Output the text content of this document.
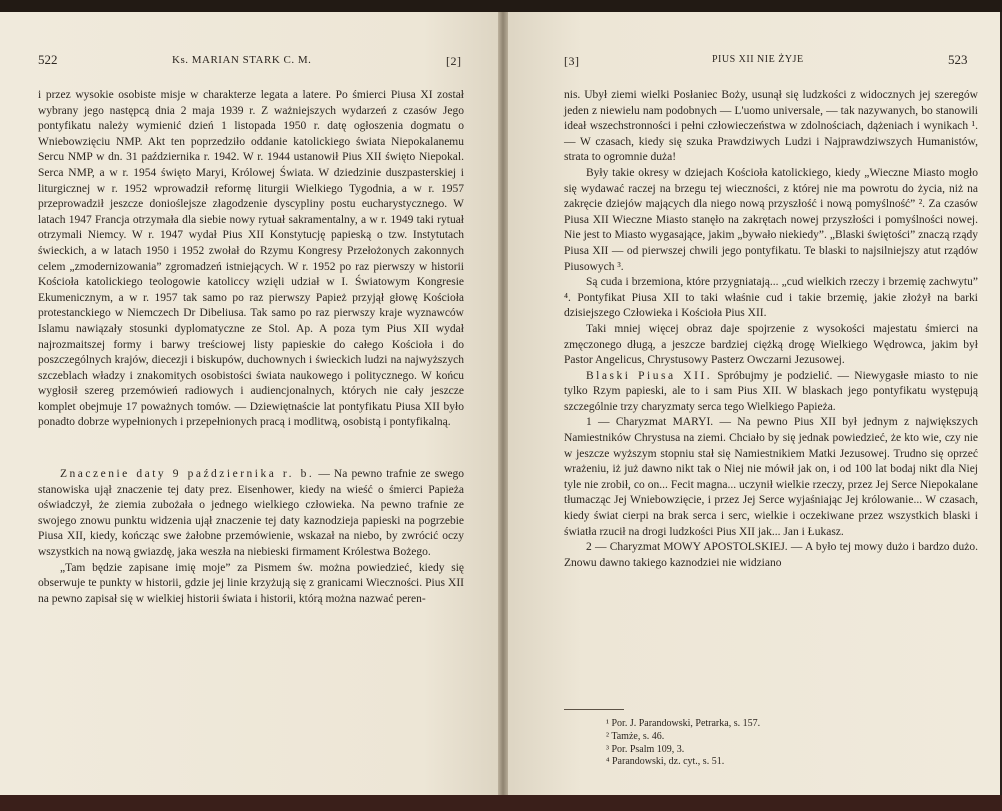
522	Ks. MARIAN STARK C. M.	[2]

i przez wysokie osobiste misje w charakterze legata a latere. Po śmierci Piusa XI został wybrany jego następcą dnia 2 maja 1939 r. Z ważniejszych wydarzeń z czasów Jego pontyfikatu należy wymienić dzień 1 listopada 1950 r. datę ogłoszenia dogmatu o Wniebowzięciu NMP. Akt ten poprzedziło oddanie katolickiego świata Niepokalanemu Sercu NMP w dn. 31 października r. 1942. W r. 1944 ustanowił Pius XII święto Niepokal. Serca NMP, a w r. 1954 święto Maryi, Królowej Świata. W dziedzinie duszpasterskiej i liturgicznej w r. 1952 wprowadził reformę liturgii Wielkiego Tygodnia, a w r. 1957 przeprowadził jeszcze donioślejsze złagodzenie dyscypliny postu eucharystycznego. W latach 1947 Francja otrzymała dla siebie nowy rytuał sakramentalny, a w r. 1949 taki rytuał otrzymali Niemcy. W r. 1947 wydał Pius XII Konstytucję papieską o tzw. Instytutach świeckich, a w latach 1950 i 1952 zwołał do Rzymu Kongresy Przełożonych zakonnych celem „zmodernizowania” zgromadzeń istniejących. W r. 1952 po raz pierwszy w historii Kościoła katolickiego teologowie katoliccy wzięli udział w I. Światowym Kongresie Ekumenicznym, a w r. 1957 tak samo po raz pierwszy Papież przyjął głowę Kościoła protestanckiego w Niemczech Dr Dibeliusa. Tak samo po raz pierwszy kraje wyznawców Islamu nawiązały stosunki dyplomatyczne ze Stol. Ap. A poza tym Pius XII wydał najrozmaitszej formy i barwy treściowej listy papieskie do całego Kościoła i do poszczególnych krajów, diecezji i biskupów, duchownych i świeckich ludzi na najwyższych szczeblach władzy i znakomitych osobistości świata naukowego i politycznego. W końcu wygłosił szereg przemówień radiowych i audiencjonalnych, których nie cały jeszcze komplet obejmuje 17 poważnych tomów. — Dziewiętnaście lat pontyfikatu Piusa XII było ponadto dobrze wypełnionych i przepełnionych pracą i modlitwą, osobistą i pontyfikalną.

Znaczenie daty 9 października r. b. — Na pewno trafnie ze swego stanowiska ujął znaczenie tej daty prez. Eisenhower, kiedy na wieść o śmierci Papieża oświadczył, że ziemia zubożała o jednego wielkiego człowieka. Na pewno trafnie ze swojego znowu punktu widzenia ujął znaczenie tej daty kaznodzieja papieski na pogrzebie Piusa XII, kiedy, kończąc swe żałobne przemówienie, wskazał na niebo, by zwrócić oczy wszystkich na nową gwiazdę, jaka weszła na niebieski firmament Królestwa Bożego.

„Tam będzie zapisane imię moje” za Pismem św. można powiedzieć, kiedy się obserwuje te punkty w historii, gdzie jej linie krzyżują się z granicami Wieczności. Pius XII na pewno zapisał się w wielkiej historii świata i historii, którą można nazwać peren-

[3]	PIUS XII NIE ŻYJE	523

nis. Ubył ziemi wielki Posłaniec Boży, usunął się ludzkości z widocznych jej szeregów jeden z niewielu nam podobnych — L'uomo universale, — tak nazywanych, bo stanowili ideał wszechstronności i pełni człowieczeństwa w zdolnościach, dążeniach i wynikach ¹. — W czasach, kiedy się szuka Prawdziwych Ludzi i Najprawdziwszych Humanistów, strata to ogromnie duża!

Były takie okresy w dziejach Kościoła katolickiego, kiedy „Wieczne Miasto mogło się wydawać raczej na brzegu tej wieczności, z której nie ma powrotu do życia, niż na zakręcie dziejów mających dla niego nową przyszłość i nową pomyślność” ². Za czasów Piusa XII Wieczne Miasto stanęło na zakrętach nowej przyszłości i pomyślności nowej. Nie jest to Miasto wygasające, jakim „bywało niekiedy”. „Blaski świętości” znaczą rządy Piusa XII — od pierwszej chwili jego pontyfikatu. Te blaski to najsilniejszy atut rządów Piusowych ³.

Są cuda i brzemiona, które przygniatają... „cud wielkich rzeczy i brzemię zachwytu” ⁴. Pontyfikat Piusa XII to taki właśnie cud i takie brzemię, jakie złożył na barki dzisiejszego Człowieka i Kościoła Pius XII.

Taki mniej więcej obraz daje spojrzenie z wysokości majestatu śmierci na zmęczonego długą, a jeszcze bardziej ciężką drogę Wielkiego Wędrowca, jakim był Pastor Angelicus, Chrystusowy Pasterz Owczarni Jezusowej.

Blaski Piusa XII. Spróbujmy je podzielić. — Niewygasłe miasto to nie tylko Rzym papieski, ale to i sam Pius XII. W blaskach jego pontyfikatu występują szczególnie trzy charyzmaty serca tego Wielkiego Papieża.

1 — Charyzmat MARYI. — Na pewno Pius XII był jednym z największych Namiestników Chrystusa na ziemi. Chciało by się jednak powiedzieć, że kto wie, czy nie w jeszcze wyższym stopniu stał się Namiestnikiem Matki Jezusowej. Trudno się oprzeć wrażeniu, iż już dawno nikt tak o Niej nie mówił jak on, i od 100 lat bodaj nikt dla Niej tyle nie zrobił, co on... Fecit magna... uczynił wielkie rzeczy, przez Jej Serce Niepokalane tłumacząc Jej Wniebowzięcie, i przez Jej Serce wyjaśniając Jej królowanie... W czasach, kiedy świat cierpi na brak serca i serc, wielkie i oczekiwane przez wszystkich blaski i światła rzucił na drogi ludzkości Pius XII jak... Jan i Łukasz.

2 — Charyzmat MOWY APOSTOLSKIEJ. — A było tej mowy dużo i bardzo dużo. Znowu dawno takiego kaznodziei nie widziano

¹ Por. J. Parandowski, Petrarka, s. 157.
² Tamże, s. 46.
³ Por. Psalm 109, 3.
⁴ Parandowski, dz. cyt., s. 51.
